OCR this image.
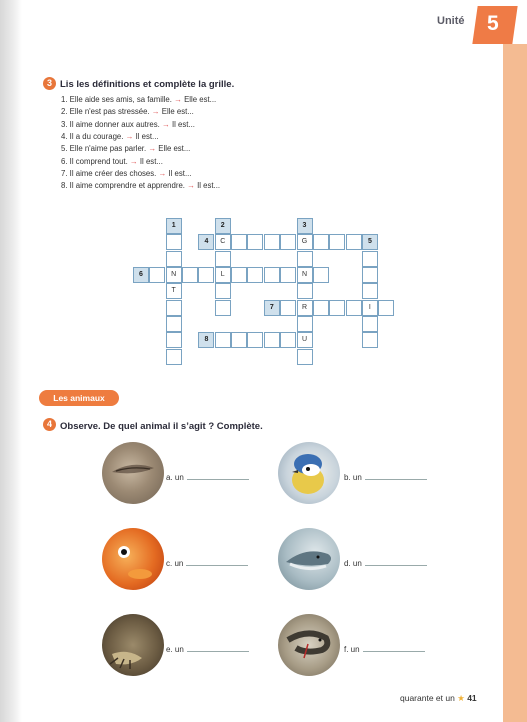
Unité 5
3 Lis les définitions et complète la grille.
1. Elle aide ses amis, sa famille. → Elle est...
2. Elle n'est pas stressée. → Elle est...
3. Il aime donner aux autres. → Il est...
4. Il a du courage. → Il est...
5. Elle n'aime pas parler. → Elle est...
6. Il comprend tout. → Il est...
7. Il aime créer des choses. → Il est...
8. Il aime comprendre et apprendre. → Il est...
1	2	3
4	5
6
7
8
C	G
N	L	N
T
R	I
U
Les animaux
4 Observe. De quel animal il s’agit ? Complète.
a. un	b. un
c. un	d. un
e. un	f. un
quarante et un ★ 41
